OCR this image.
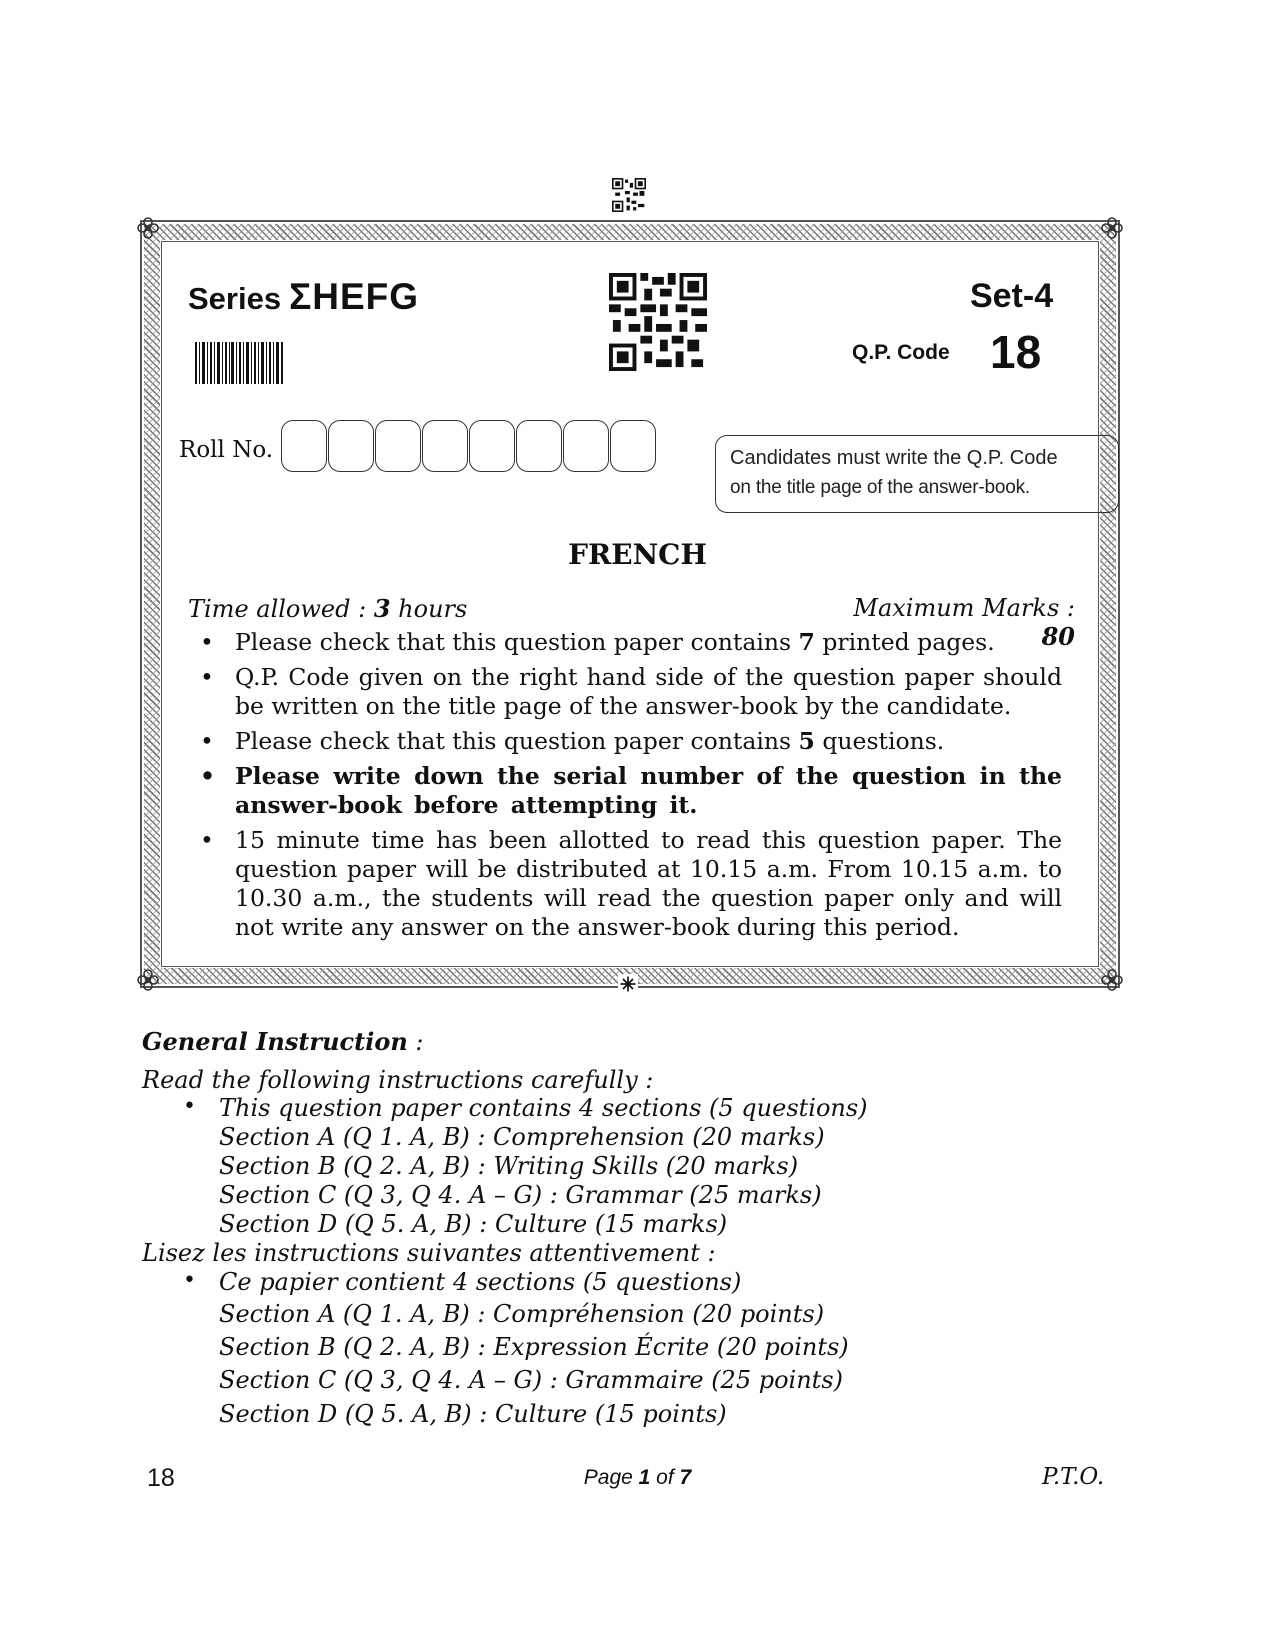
Series ΣHEFG	Set-4
Q.P. Code 18
Roll No.	Candidates must write the Q.P. Code
on the title page of the answer-book.
FRENCH
Time allowed : 3 hours	Maximum Marks : 80
• Please check that this question paper contains 7 printed pages.
• Q.P. Code given on the right hand side of the question paper should be written on the title page of the answer-book by the candidate.
• Please check that this question paper contains 5 questions.
• Please write down the serial number of the question in the answer-book before attempting it.
• 15 minute time has been allotted to read this question paper. The question paper will be distributed at 10.15 a.m. From 10.15 a.m. to 10.30 a.m., the students will read the question paper only and will not write any answer on the answer-book during this period.
General Instruction :
Read the following instructions carefully :
• This question paper contains 4 sections (5 questions)
Section A (Q 1. A, B) : Comprehension (20 marks)
Section B (Q 2. A, B) : Writing Skills (20 marks)
Section C (Q 3, Q 4. A – G) : Grammar (25 marks)
Section D (Q 5. A, B) : Culture (15 marks)
Lisez les instructions suivantes attentivement :
• Ce papier contient 4 sections (5 questions)
Section A (Q 1. A, B) : Compréhension (20 points)
Section B (Q 2. A, B) : Expression Écrite (20 points)
Section C (Q 3, Q 4. A – G) : Grammaire (25 points)
Section D (Q 5. A, B) : Culture (15 points)
18	Page 1 of 7	P.T.O.
